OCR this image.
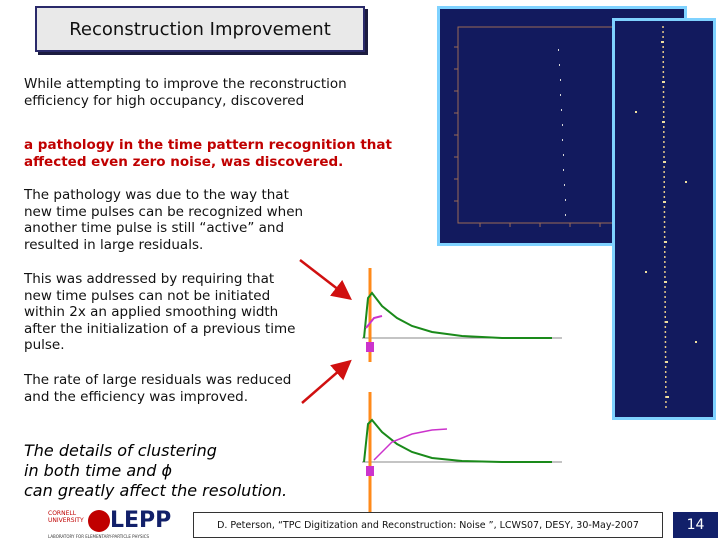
Reconstruction Improvement
While attempting to improve the reconstruction efficiency for high occupancy, discovered
a pathology in the time pattern recognition that affected even zero noise, was discovered.
The pathology was due to the way that new time pulses can be recognized when another time pulse is still “active” and resulted in large residuals.
This was addressed by requiring that new time pulses can not be initiated within 2x an applied smoothing width after the initialization of a previous time pulse.
The rate of large residuals was reduced and the efficiency was improved.
The details of clustering
in both time and ϕ
can greatly affect the resolution.
CORNELL UNIVERSITY LEPP
LABORATORY FOR ELEMENTARY-PARTICLE PHYSICS
D. Peterson, “TPC Digitization and Reconstruction: Noise ”, LCWS07, DESY, 30-May-2007	14
